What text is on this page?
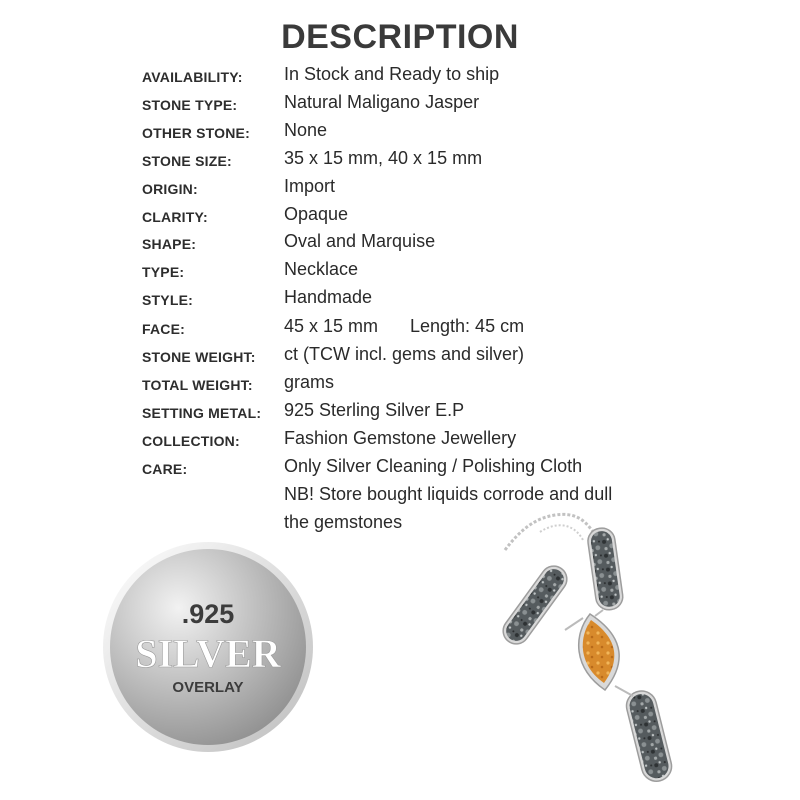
DESCRIPTION
AVAILABILITY: In Stock and Ready to ship
STONE TYPE:	Natural Maligano Jasper
OTHER STONE: None
STONE SIZE:	35 x 15 mm, 40 x 15 mm
ORIGIN:	Import
CLARITY:	Opaque
SHAPE:	Oval and Marquise
TYPE:	Necklace
STYLE:	Handmade
FACE:	45 x 15 mm Length: 45 cm
STONE WEIGHT: ct (TCW incl. gems and silver)
TOTAL WEIGHT: grams
SETTING METAL: 925 Sterling Silver E.P
COLLECTION: Fashion Gemstone Jewellery
CARE:	Only Silver Cleaning / Polishing Cloth
NB! Store bought liquids corrode and dull
the gemstones
.925
SILVER
OVERLAY
